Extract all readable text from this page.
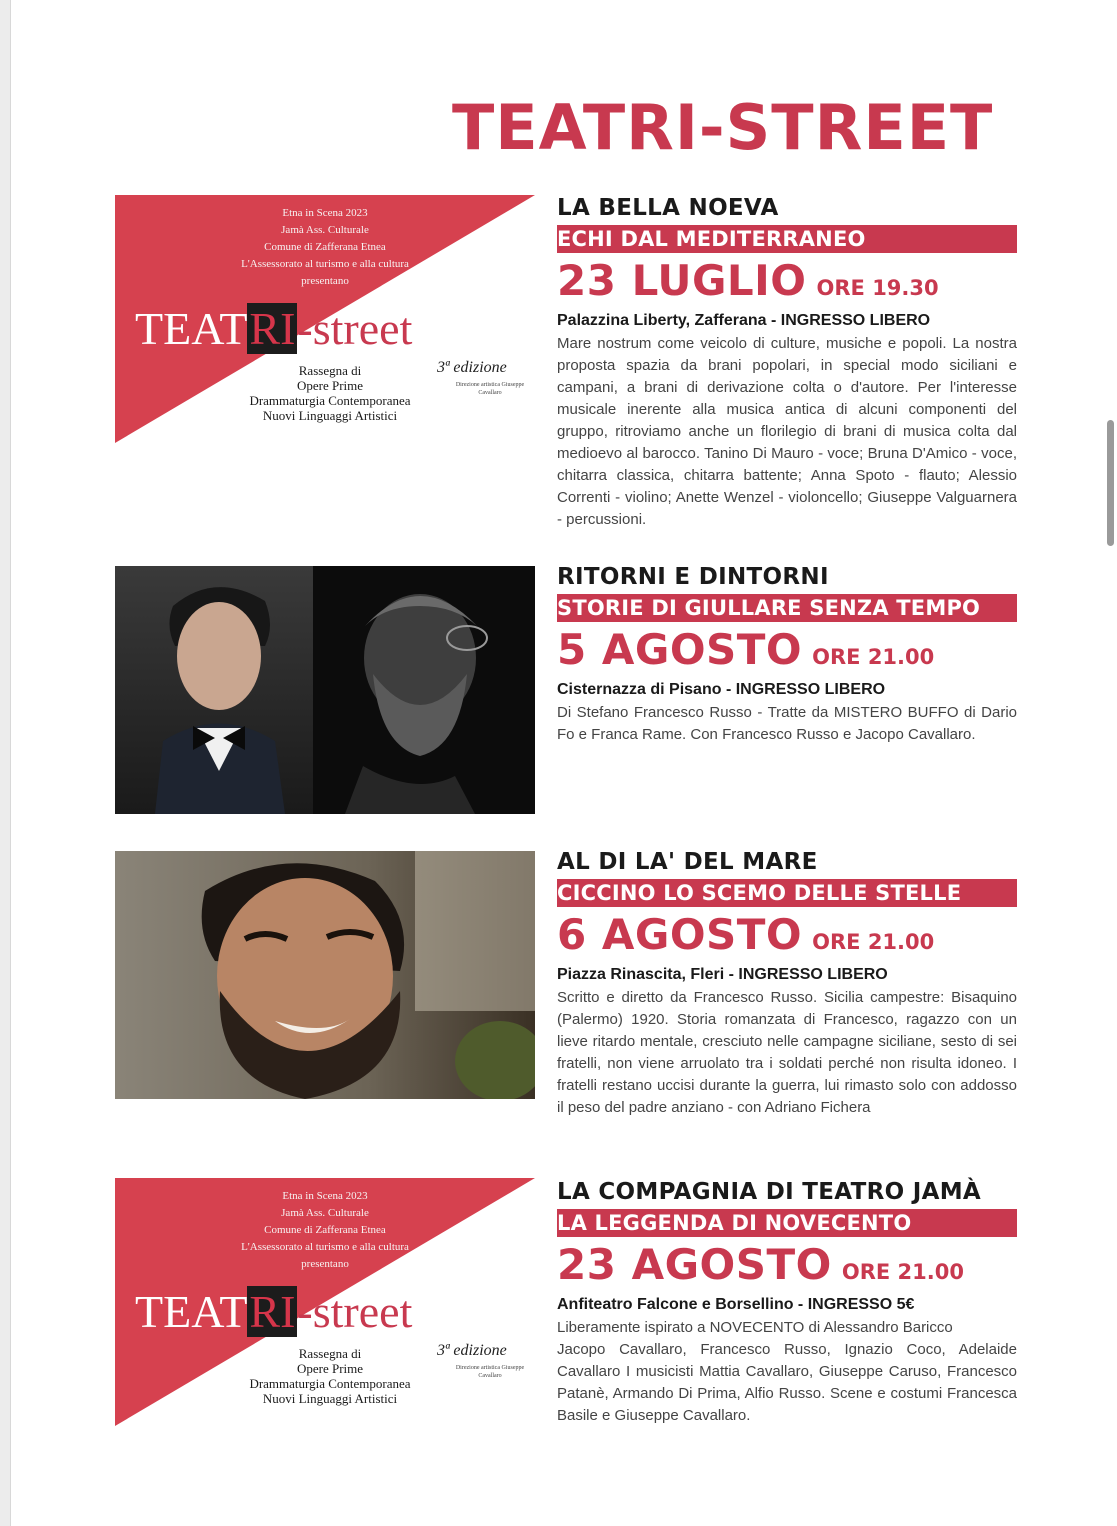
TEATRI-STREET
Etna in Scena 2023
Jamà Ass. Culturale
Comune di Zafferana Etnea
L'Assessorato al turismo e alla cultura
presentano
TEATRI-street
3ª edizione
Direzione artistica Giuseppe Cavallaro
Rassegna di
Opere Prime
Drammaturgia Contemporanea
Nuovi Linguaggi Artistici
LA BELLA NOEVA
ECHI DAL MEDITERRANEO
23 LUGLIO ORE 19.30
Palazzina Liberty, Zafferana - INGRESSO LIBERO

Mare nostrum come veicolo di culture, musiche e popoli. La nostra proposta spazia da brani popolari, in special modo siciliani e campani, a brani di derivazione colta o d'autore. Per l'interesse musicale inerente alla musica antica di alcuni componenti del gruppo, ritroviamo anche un florilegio di brani di musica colta dal medioevo al barocco. Tanino Di Mauro - voce; Bruna D'Amico - voce, chitarra classica, chitarra battente; Anna Spoto - flauto; Alessio Correnti - violino; Anette Wenzel - violoncello; Giuseppe Valguarnera - percussioni.

RITORNI E DINTORNI
STORIE DI GIULLARE SENZA TEMPO
5 AGOSTO ORE 21.00
Cisternazza di Pisano - INGRESSO LIBERO

Di Stefano Francesco Russo - Tratte da MISTERO BUFFO di Dario Fo e Franca Rame. Con Francesco Russo e Jacopo Cavallaro.

AL DI LA' DEL MARE
CICCINO LO SCEMO DELLE STELLE
6 AGOSTO ORE 21.00
Piazza Rinascita, Fleri - INGRESSO LIBERO

Scritto e diretto da Francesco Russo. Sicilia campestre: Bisaquino (Palermo) 1920. Storia romanzata di Francesco, ragazzo con un lieve ritardo mentale, cresciuto nelle campagne siciliane, sesto di sei fratelli, non viene arruolato tra i soldati perché non risulta idoneo. I fratelli restano uccisi durante la guerra, lui rimasto solo con addosso il peso del padre anziano - con Adriano Fichera

Etna in Scena 2023
Jamà Ass. Culturale
Comune di Zafferana Etnea
L'Assessorato al turismo e alla cultura
presentano
TEATRI-street
3ª edizione
Direzione artistica Giuseppe Cavallaro
Rassegna di
Opere Prime
Drammaturgia Contemporanea
Nuovi Linguaggi Artistici
LA COMPAGNIA DI TEATRO JAMÀ
LA LEGGENDA DI NOVECENTO
23 AGOSTO ORE 21.00
Anfiteatro Falcone e Borsellino - INGRESSO 5€

Liberamente ispirato a NOVECENTO di Alessandro Baricco
Jacopo Cavallaro, Francesco Russo, Ignazio Coco, Adelaide Cavallaro I musicisti Mattia Cavallaro, Giuseppe Caruso, Francesco Patanè, Armando Di Prima, Alfio Russo. Scene e costumi Francesca Basile e Giuseppe Cavallaro.
